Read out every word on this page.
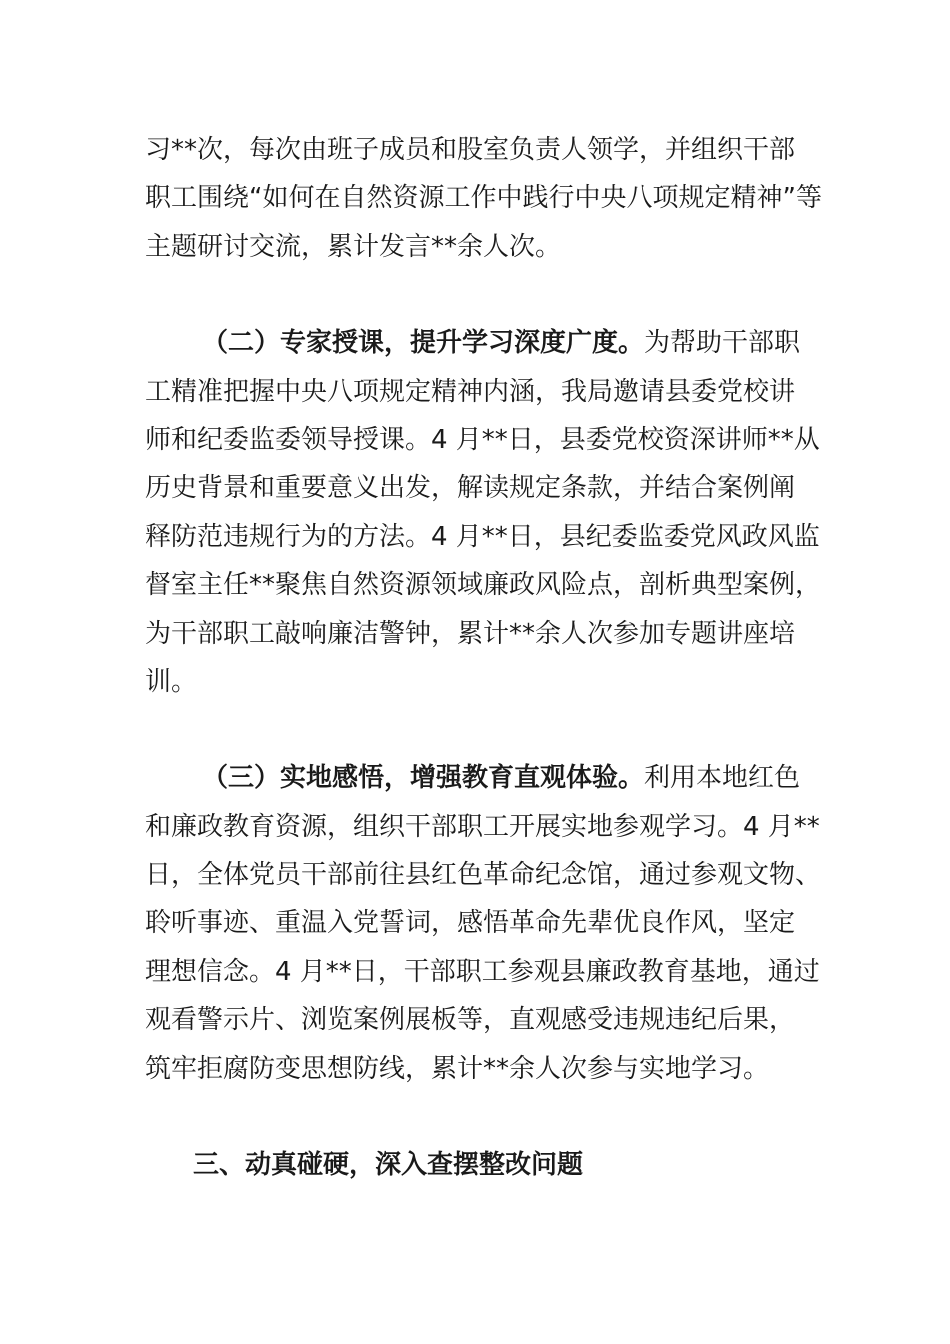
习**次，每次由班子成员和股室负责人领学，并组织干部
职工围绕“如何在自然资源工作中践行中央八项规定精神”等
主题研讨交流，累计发言**余人次。
（二）专家授课，提升学习深度广度。为帮助干部职
工精准把握中央八项规定精神内涵，我局邀请县委党校讲
师和纪委监委领导授课。4 月**日，县委党校资深讲师**从
历史背景和重要意义出发，解读规定条款，并结合案例阐
释防范违规行为的方法。4 月**日，县纪委监委党风政风监
督室主任**聚焦自然资源领域廉政风险点，剖析典型案例，
为干部职工敲响廉洁警钟，累计**余人次参加专题讲座培
训。
（三）实地感悟，增强教育直观体验。利用本地红色
和廉政教育资源，组织干部职工开展实地参观学习。4 月**
日，全体党员干部前往县红色革命纪念馆，通过参观文物、
聆听事迹、重温入党誓词，感悟革命先辈优良作风，坚定
理想信念。4 月**日，干部职工参观县廉政教育基地，通过
观看警示片、浏览案例展板等，直观感受违规违纪后果，
筑牢拒腐防变思想防线，累计**余人次参与实地学习。
三、动真碰硬，深入查摆整改问题
